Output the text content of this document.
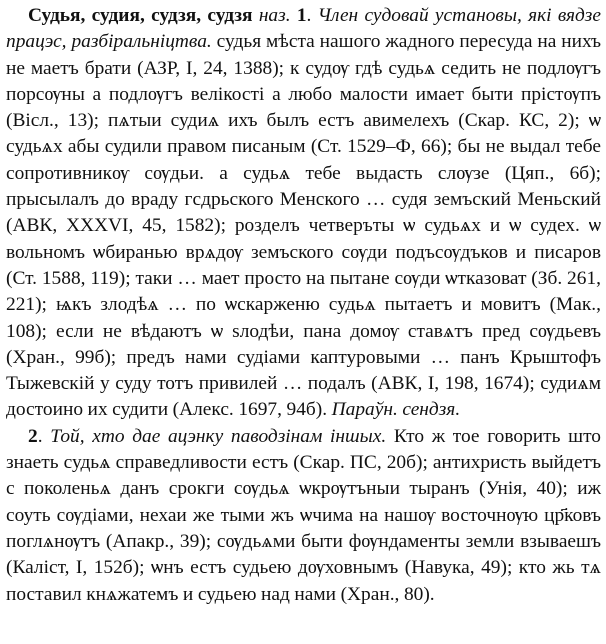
Судья, судия, судзя, судзя наз. 1. Член судовай установы, які вядзе працэс, разбіральніцтва. судья мѣста нашого жадного пересуда на нихъ не маетъ брати (АЗР, I, 24, 1388); к судѹ гдѣ судьѧ седить не подлѹгъ порсѹны а подлѹгъ велікості а любо малости имает быти прістѹпъ (Вісл., 13); пѧтыи судиѧ ихъ былъ естъ авимелехъ (Скар. КС, 2); ѡ судьѧх абы судили правом писаным (Ст. 1529–Ф, 66); бы не выдал тебе сопротивникѹ сѹдьи. а судьѧ тебе выдасть слѹзе (Цяп., 6б); прысылалъ до враду гсдрьского Менского … судя земъский Меньский (АВК, XXXVI, 45, 1582); розделъ четверъты ѡ судьѧх и ѡ судех. ѡ вольномъ ѡбиранью врѧдѹ земъского сѹди подъсѹдъков и писаров (Ст. 1588, 119); таки … мает просто на пытане сѹди ѡтказоват (Зб. 261, 221); ѩкъ злодѣѧ … по ѡскарженю судьѧ пытаетъ и мовитъ (Мак., 108); если не вѣдаютъ ѡ ѕлодѣи, пана домѹ ставѧтъ пред сѹдьевъ (Хран., 99б); предъ нами судіами каптуровыми … панъ Крыштофъ Тыжевскій у суду тотъ привилей … подалъ (АВК, I, 198, 1674); судиѧм достоино их судити (Алекс. 1697, 94б). Параўн. сендзя.

2. Той, хто дае ацэнку паводзінам іншых. Кто ж тое говорить што знаеть судьѧ справедливости естъ (Скар. ПС, 20б); антихристь выйдетъ с поколеньѧ данъ срокги сѹдьѧ ѡкрѹтъныи тыранъ (Унія, 40); иж соуть сѹдіами, нехаи же тыми жъ ѡчима на нашѹ восточнѹю цр҃ковъ поглѧнѹтъ (Апакр., 39); сѹдьѧми быти фѹндаменты земли взываешъ (Каліст, I, 152б); ѡнъ естъ судьею дѹховнымъ (Навука, 49); кто жь тѧ поставил кнѧжатемъ и судьею над нами (Хран., 80).
